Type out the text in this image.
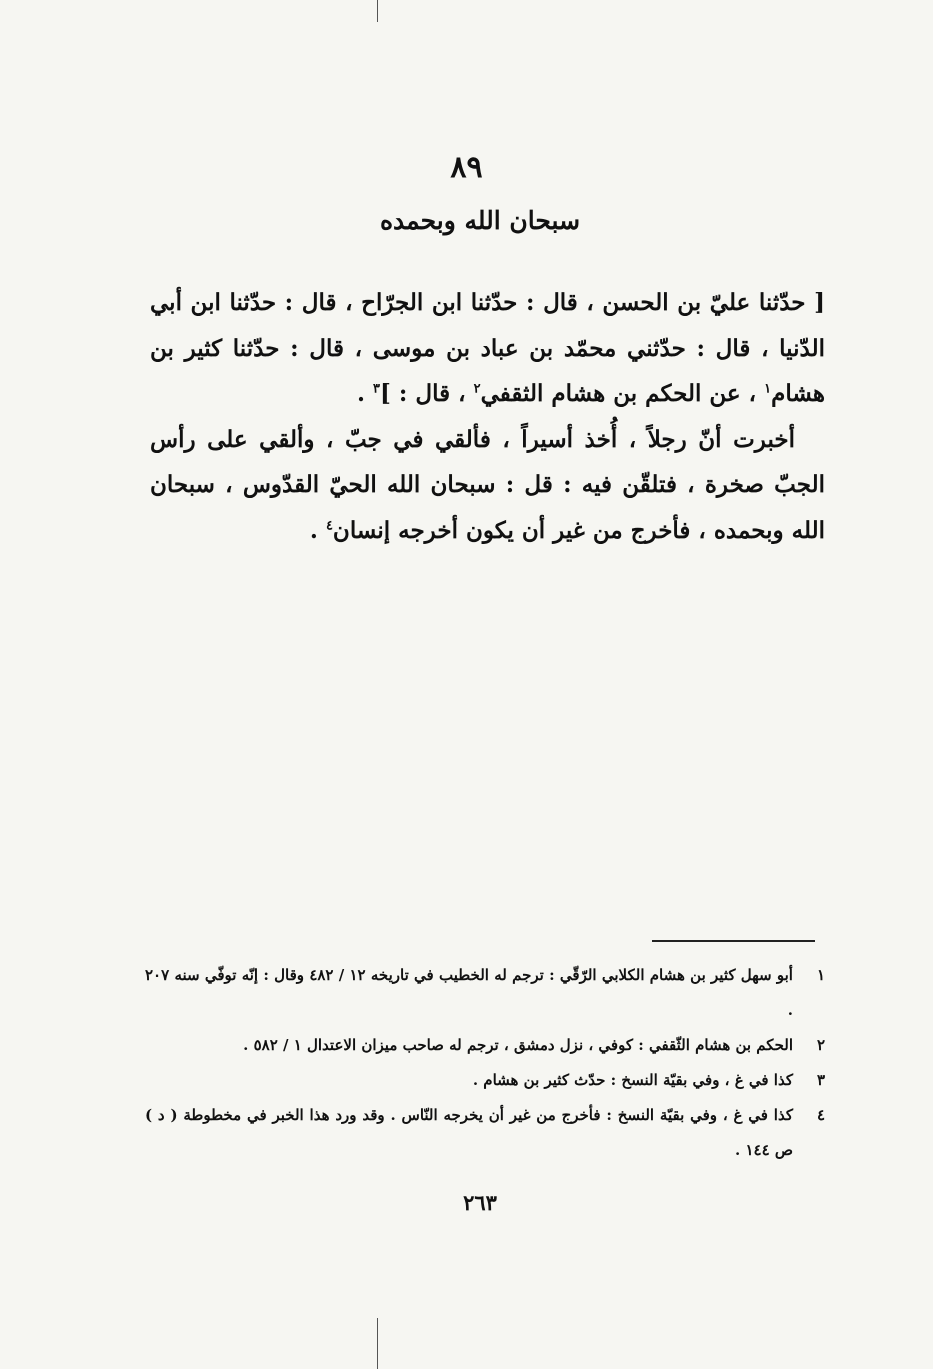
٨٩
سبحان الله وبحمده

[ حدّثنا عليّ بن الحسن ، قال : حدّثنا ابن الجرّاح ، قال : حدّثنا ابن أبي الدّنيا ، قال : حدّثني محمّد بن عباد بن موسى ، قال : حدّثنا كثير بن هشام$^١$ ، عن الحكم بن هشام الثقفي$^٢$ ، قال : ]$^٣$ .

أخبرت أنّ رجلاً ، أُخذ أسيراً ، فألقي في جبّ ، وألقي على رأس الجبّ صخرة ، فتلقّن فيه : قل : سبحان الله الحيّ القدّوس ، سبحان الله وبحمده ، فأخرج من غير أن يكون أخرجه إنسان$^٤$ .

١
أبو سهل كثير بن هشام الكلابي الرّقّي : ترجم له الخطيب في تاريخه ١٢ / ٤٨٢ وقال : إنّه توفّي سنه ٢٠٧ .
٢
الحكم بن هشام الثّقفي : كوفي ، نزل دمشق ، ترجم له صاحب ميزان الاعتدال ١ / ٥٨٢ .
٣
كذا في غ ، وفي بقيّة النسخ : حدّث كثير بن هشام .
٤
كذا في غ ، وفي بقيّة النسخ : فأخرج من غير أن يخرجه النّاس . وقد ورد هذا الخبر في مخطوطة ( د ) ص ١٤٤ .
٢٦٣
